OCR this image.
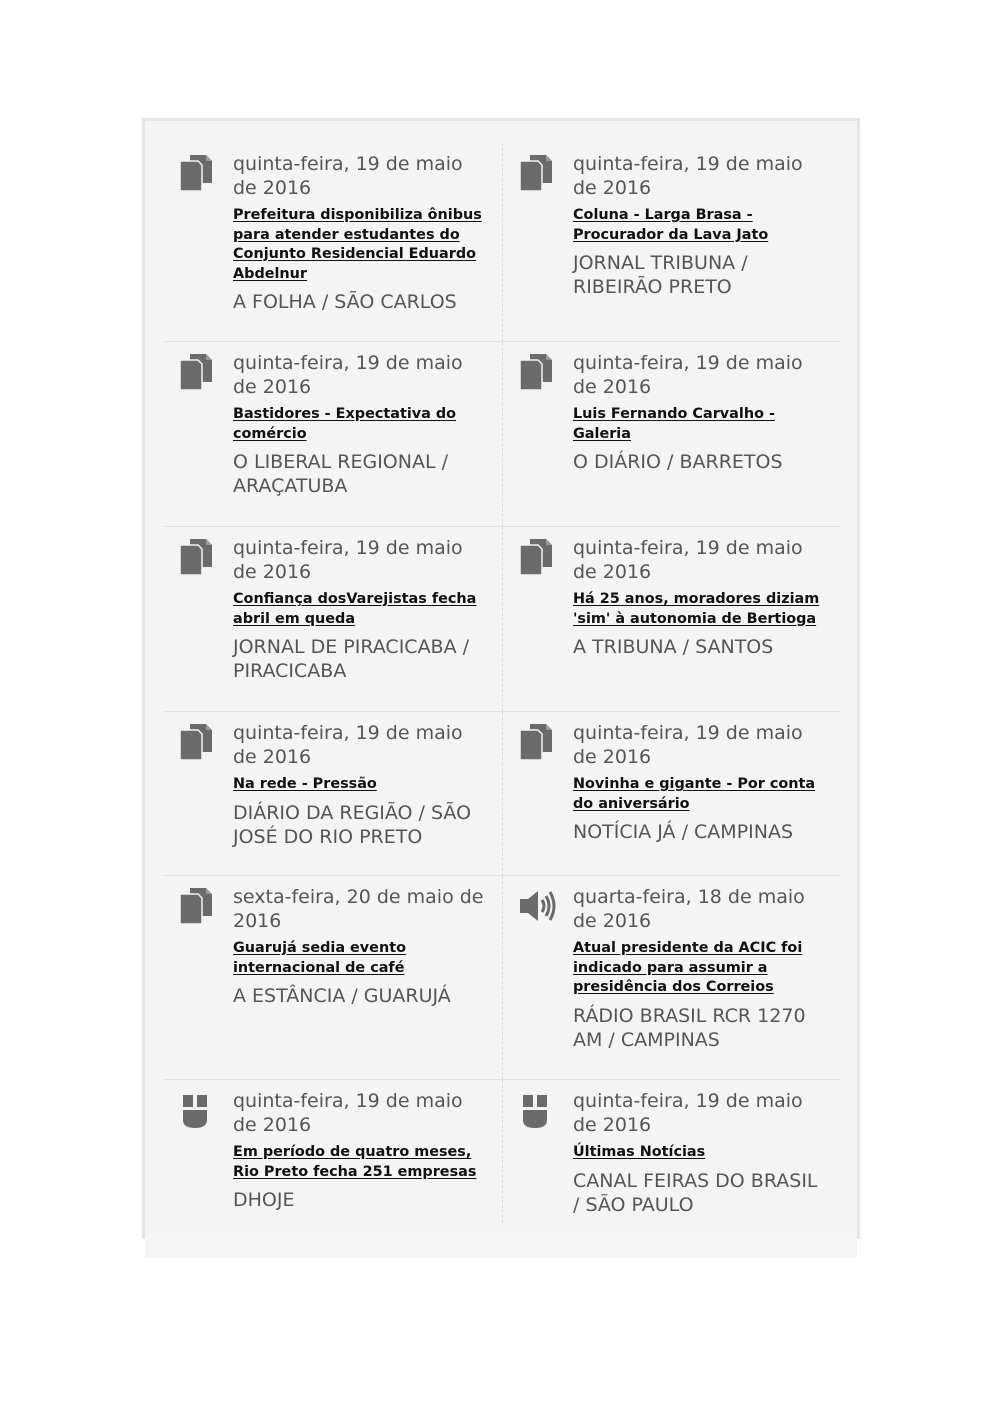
quinta-feira, 19 de maio de 2016
Prefeitura disponibiliza ônibus para atender estudantes do Conjunto Residencial Eduardo Abdelnur
A FOLHA / SÃO CARLOS
quinta-feira, 19 de maio de 2016
Coluna - Larga Brasa - Procurador da Lava Jato
JORNAL TRIBUNA / RIBEIRÃO PRETO
quinta-feira, 19 de maio de 2016
Bastidores - Expectativa do comércio
O LIBERAL REGIONAL / ARAÇATUBA
quinta-feira, 19 de maio de 2016
Luis Fernando Carvalho - Galeria
O DIÁRIO / BARRETOS
quinta-feira, 19 de maio de 2016
Confiança dosVarejistas fecha abril em queda
JORNAL DE PIRACICABA / PIRACICABA
quinta-feira, 19 de maio de 2016
Há 25 anos, moradores diziam 'sim' à autonomia de Bertioga
A TRIBUNA / SANTOS
quinta-feira, 19 de maio de 2016
Na rede - Pressão
DIÁRIO DA REGIÃO / SÃO JOSÉ DO RIO PRETO
quinta-feira, 19 de maio de 2016
Novinha e gigante - Por conta do aniversário
NOTÍCIA JÁ / CAMPINAS
sexta-feira, 20 de maio de 2016
Guarujá sedia evento internacional de café
A ESTÂNCIA / GUARUJÁ
quarta-feira, 18 de maio de 2016
Atual presidente da ACIC foi indicado para assumir a presidência dos Correios
RÁDIO BRASIL RCR 1270 AM / CAMPINAS
quinta-feira, 19 de maio de 2016
Em período de quatro meses, Rio Preto fecha 251 empresas
DHOJE
quinta-feira, 19 de maio de 2016
Últimas Notícias
CANAL FEIRAS DO BRASIL / SÃO PAULO
